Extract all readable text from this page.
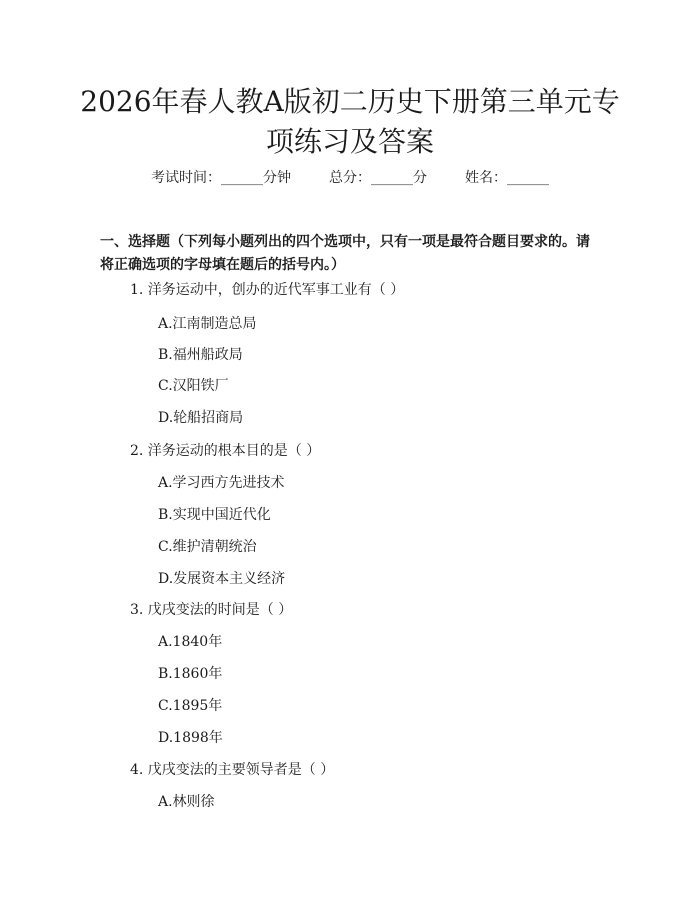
2026年春人教A版初二历史下册第三单元专
项练习及答案
考试时间：______分钟	总分：______分	姓名：______
一、选择题（下列每小题列出的四个选项中，只有一项是最符合题目要求的。请将正确选项的字母填在题后的括号内。）
1. 洋务运动中，创办的近代军事工业有（ ）
A.江南制造总局
B.福州船政局
C.汉阳铁厂
D.轮船招商局
2. 洋务运动的根本目的是（ ）
A.学习西方先进技术
B.实现中国近代化
C.维护清朝统治
D.发展资本主义经济
3. 戊戌变法的时间是（ ）
A.1840年
B.1860年
C.1895年
D.1898年
4. 戊戌变法的主要领导者是（ ）
A.林则徐
